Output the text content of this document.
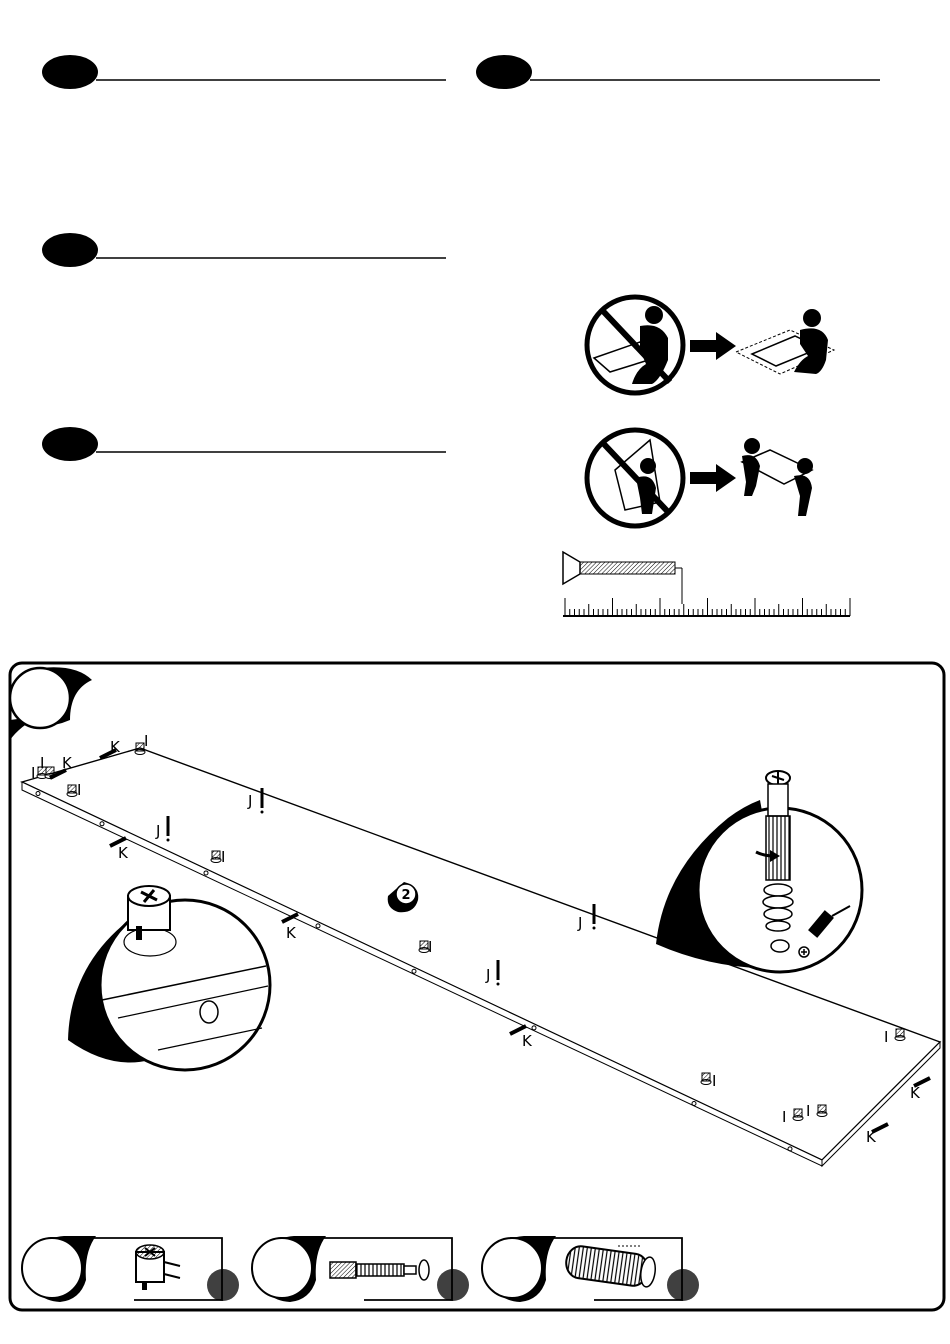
2
I
I
I
I
I
I
I
I
I I
J
J
J
J
K
K
K
K
K
K
K
